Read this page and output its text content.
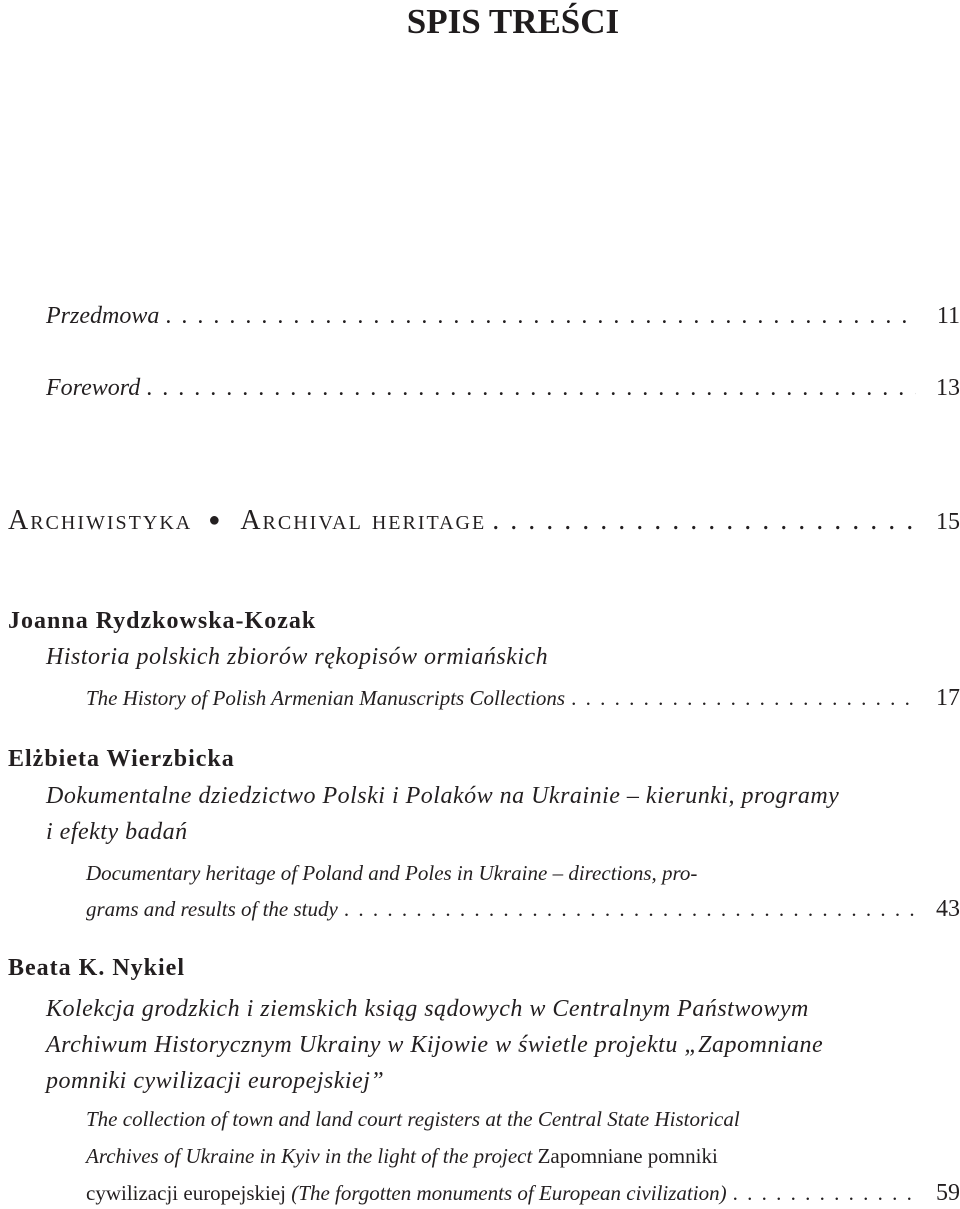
SPIS TREŚCI
Przedmowa . . .	11
Foreword . . .	13
Archiwistyka ● Archival heritage . . .	15
Joanna Rydzkowska-Kozak
Historia polskich zbiorów rękopisów ormiańskich
The History of Polish Armenian Manuscripts Collections . . .	17
Elżbieta Wierzbicka
Dokumentalne dziedzictwo Polski i Polaków na Ukrainie – kierunki, programy i efekty badań
Documentary heritage of Poland and Poles in Ukraine – directions, pro-
grams and results of the study . . .	43
Beata K. Nykiel
Kolekcja grodzkich i ziemskich ksiąg sądowych w Centralnym Państwowym Archiwum Historycznym Ukrainy w Kijowie w świetle projektu „Zapomniane pomniki cywilizacji europejskiej”
The collection of town and land court registers at the Central State Historical
Archives of Ukraine in Kyiv in the light of the project Zapomniane pomniki
cywilizacji europejskiej (The forgotten monuments of European civilization) . . .	59
